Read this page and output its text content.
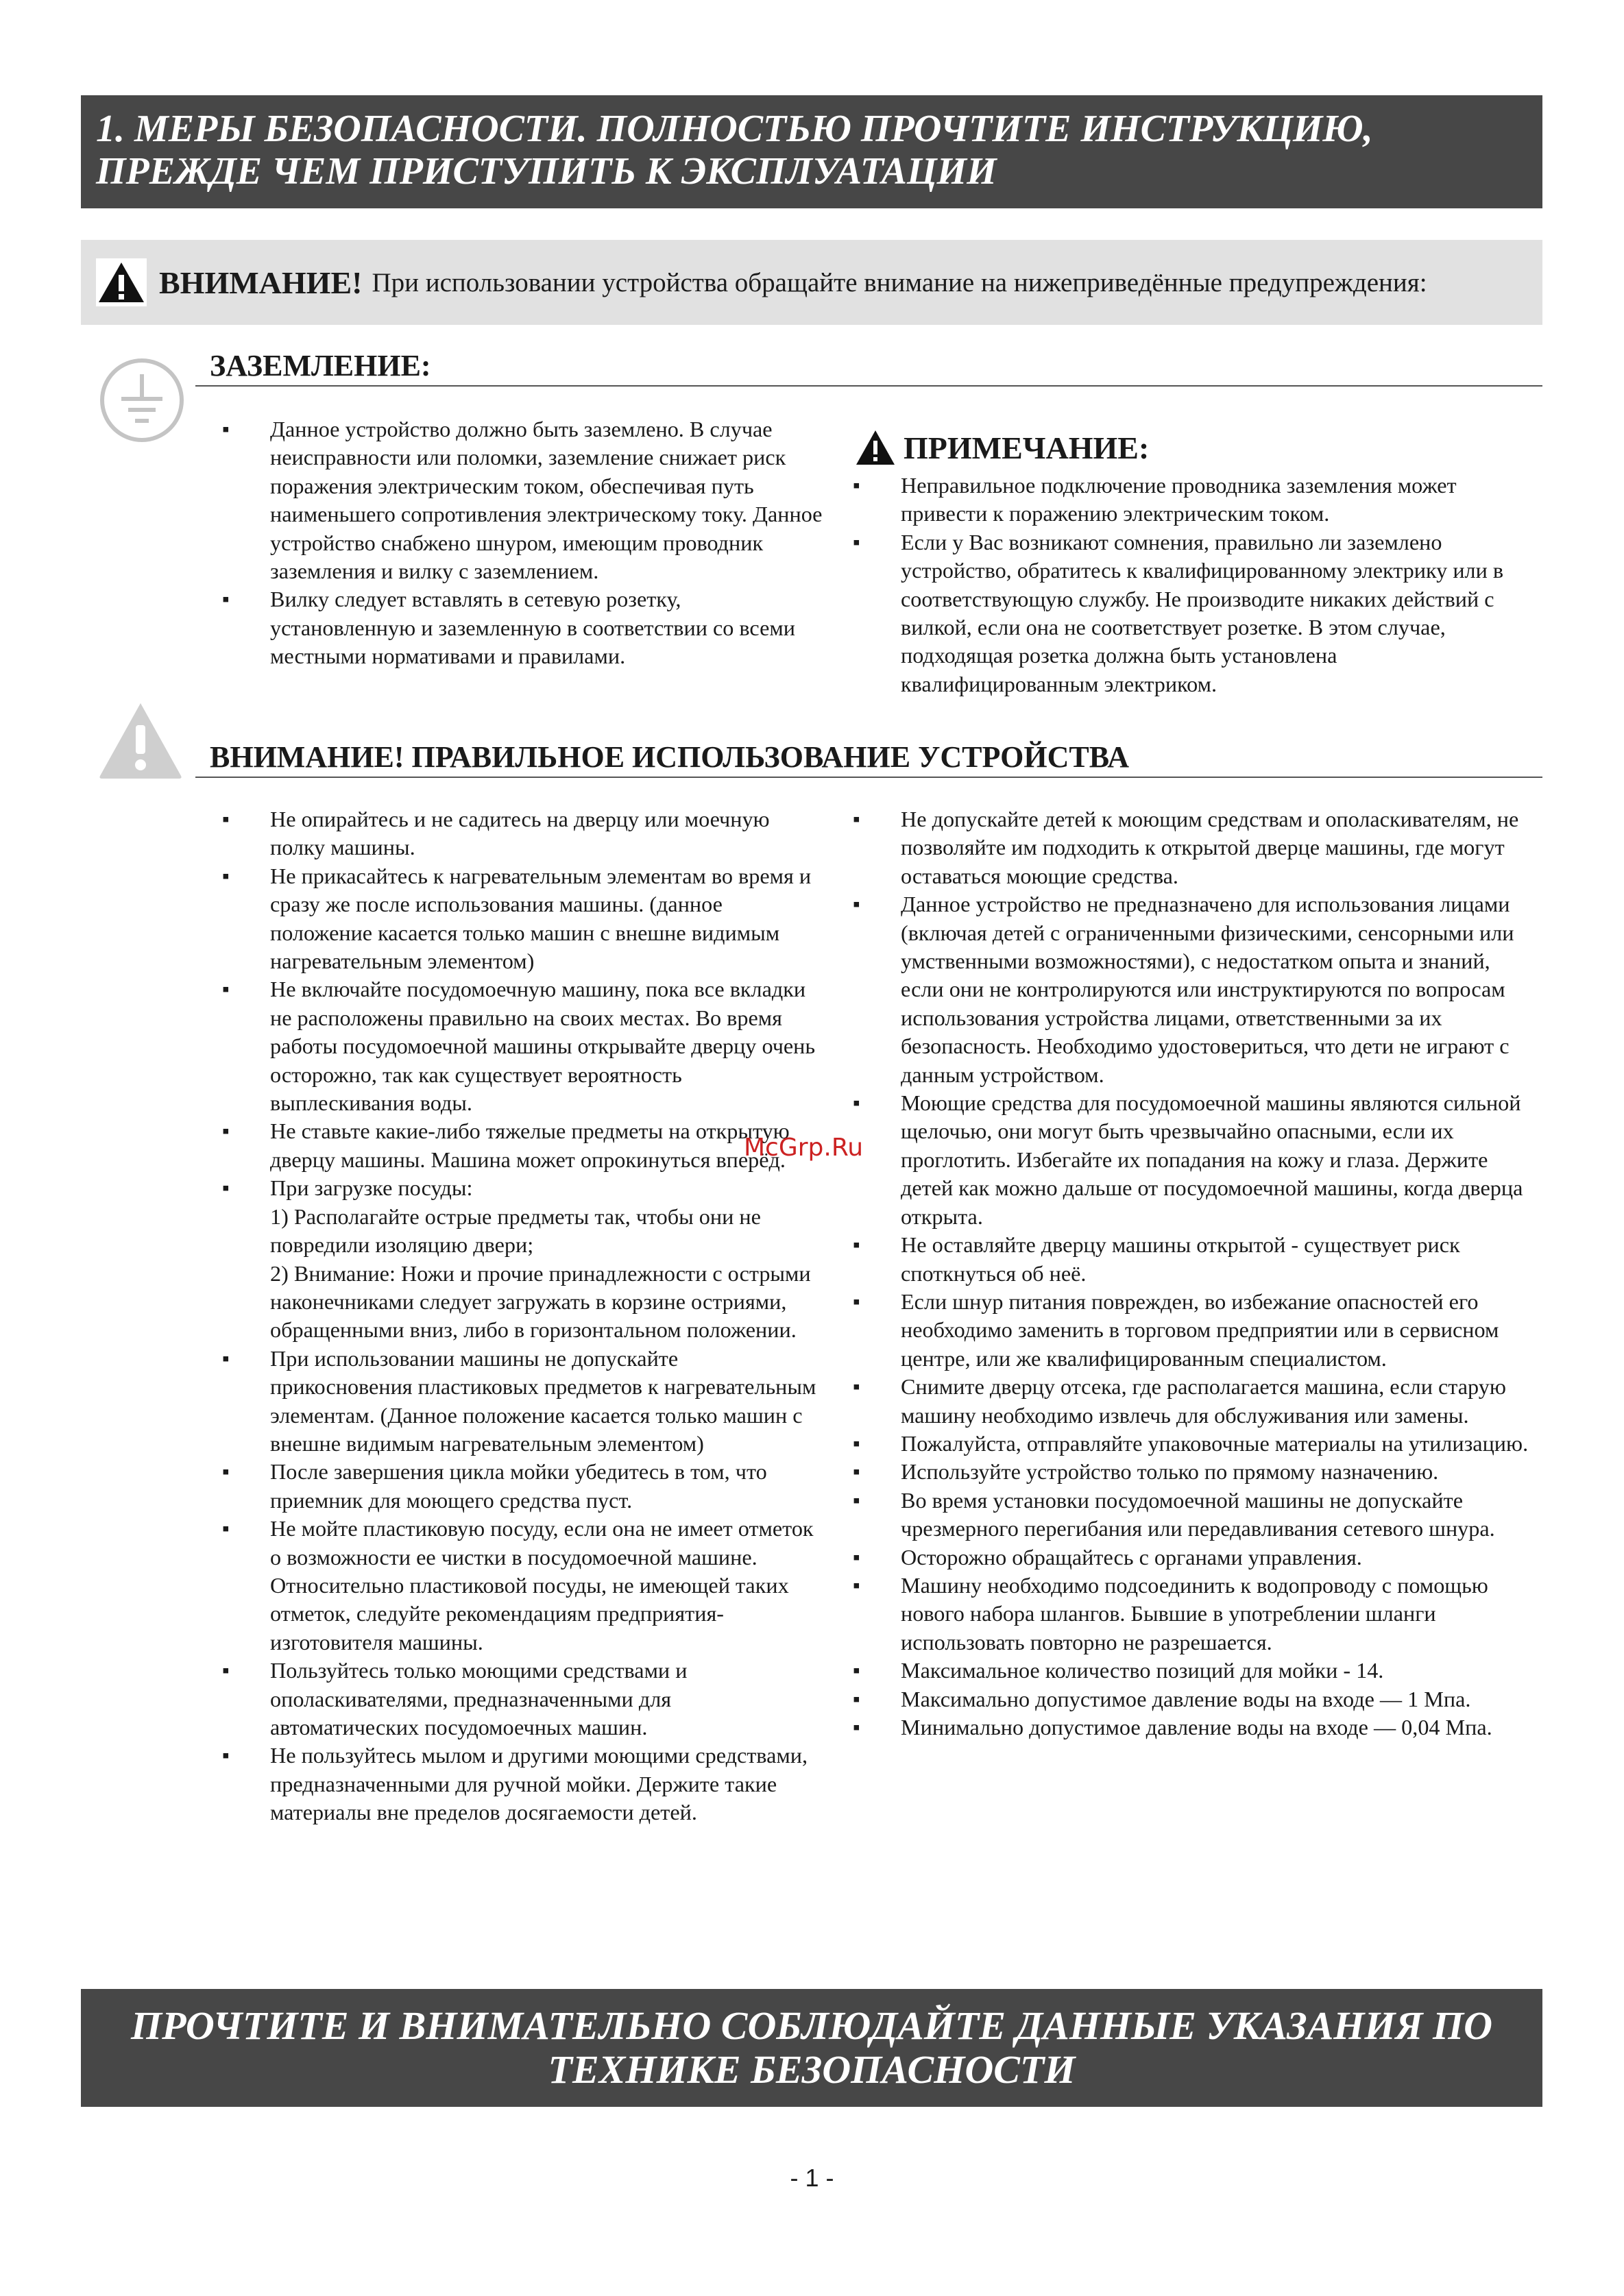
1. МЕРЫ БЕЗОПАСНОСТИ. ПОЛНОСТЬЮ ПРОЧТИТЕ ИНСТРУКЦИЮ,
ПРЕЖДЕ ЧЕМ ПРИСТУПИТЬ К ЭКСПЛУАТАЦИИ
ВНИМАНИЕ! При использовании устройства обращайте внимание на нижеприведённые предупреждения:
ЗАЗЕМЛЕНИЕ:
▪ Данное устройство должно быть заземлено. В случае неисправности или поломки, заземление снижает риск поражения электрическим током, обеспечивая путь наименьшего сопротивления электрическому току. Данное устройство снабжено шнуром, имеющим проводник заземления и вилку с заземлением.
▪ Вилку следует вставлять в сетевую розетку, установленную и заземленную в соответствии со всеми местными нормативами и правилами.
ПРИМЕЧАНИЕ:
▪ Неправильное подключение проводника заземления может привести к поражению электрическим током.
▪ Если у Вас возникают сомнения, правильно ли заземлено устройство, обратитесь к квалифицированному электрику или в соответствующую службу. Не производите никаких действий с вилкой, если она не соответствует розетке. В этом случае, подходящая розетка должна быть установлена квалифицированным электриком.
ВНИМАНИЕ! ПРАВИЛЬНОЕ ИСПОЛЬЗОВАНИЕ УСТРОЙСТВА
▪ Не опирайтесь и не садитесь на дверцу или моечную полку машины.
▪ Не прикасайтесь к нагревательным элементам во время и сразу же после использования машины. (данное положение касается только машин с внешне видимым нагревательным элементом)
▪ Не включайте посудомоечную машину, пока все вкладки не расположены правильно на своих местах. Во время работы посудомоечной машины открывайте дверцу очень осторожно, так как существует вероятность выплескивания воды.
▪ Не ставьте какие-либо тяжелые предметы на открытую дверцу машины. Машина может опрокинуться вперёд.
▪ При загрузке посуды:
1) Располагайте острые предметы так, чтобы они не повредили изоляцию двери;
2) Внимание: Ножи и прочие принадлежности с острыми наконечниками следует загружать в корзине остриями, обращенными вниз, либо в горизонтальном положении.
▪ При использовании машины не допускайте прикосновения пластиковых предметов к нагревательным элементам. (Данное положение касается только машин с внешне видимым нагревательным элементом)
▪ После завершения цикла мойки убедитесь в том, что приемник для моющего средства пуст.
▪ Не мойте пластиковую посуду, если она не имеет отметок о возможности ее чистки в посудомоечной машине. Относительно пластиковой посуды, не имеющей таких отметок, следуйте рекомендациям предприятия-изготовителя машины.
▪ Пользуйтесь только моющими средствами и ополаскивателями, предназначенными для автоматических посудомоечных машин.
▪ Не пользуйтесь мылом и другими моющими средствами, предназначенными для ручной мойки. Держите такие материалы вне пределов досягаемости детей.
▪ Не допускайте детей к моющим средствам и ополаскивателям, не позволяйте им подходить к открытой дверце машины, где могут оставаться моющие средства.
▪ Данное устройство не предназначено для использования лицами (включая детей с ограниченными физическими, сенсорными или умственными возможностями), с недостатком опыта и знаний, если они не контролируются или инструктируются по вопросам использования устройства лицами, ответственными за их безопасность. Необходимо удостовериться, что дети не играют с данным устройством.
▪ Моющие средства для посудомоечной машины являются сильной щелочью, они могут быть чрезвычайно опасными, если их проглотить. Избегайте их попадания на кожу и глаза. Держите детей как можно дальше от посудомоечной машины, когда дверца открыта.
▪ Не оставляйте дверцу машины открытой - существует риск споткнуться об неё.
▪ Если шнур питания поврежден, во избежание опасностей его необходимо заменить в торговом предприятии или в сервисном центре, или же квалифицированным специалистом.
▪ Снимите дверцу отсека, где располагается машина, если старую машину необходимо извлечь для обслуживания или замены.
▪ Пожалуйста, отправляйте упаковочные материалы на утилизацию.
▪ Используйте устройство только по прямому назначению.
▪ Во время установки посудомоечной машины не допускайте чрезмерного перегибания или передавливания сетевого шнура.
▪ Осторожно обращайтесь с органами управления.
▪ Машину необходимо подсоединить к водопроводу с помощью нового набора шлангов. Бывшие в употреблении шланги использовать повторно не разрешается.
▪ Максимальное количество позиций для мойки - 14.
▪ Максимально допустимое давление воды на входе — 1 Мпа.
▪ Минимально допустимое давление воды на входе — 0,04 Мпа.
McGrp.Ru
ПРОЧТИТЕ И ВНИМАТЕЛЬНО СОБЛЮДАЙТЕ ДАННЫЕ УКАЗАНИЯ ПО
ТЕХНИКЕ БЕЗОПАСНОСТИ
- 1 -
